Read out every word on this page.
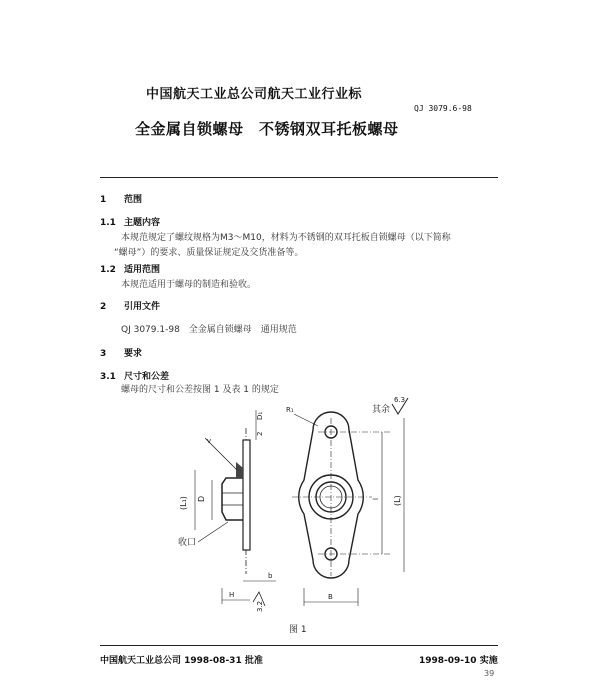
中国航天工业总公司航天工业行业标
QJ 3079.6-98
全金属自锁螺母　不锈钢双耳托板螺母
1 范围
1.1 主题内容
本规范规定了螺纹规格为M3～M10，材料为不锈钢的双耳托板自锁螺母（以下简称
“螺母”）的要求、质量保证规定及交货准备等。
1.2 适用范围
本规范适用于螺母的制造和验收。
2 引用文件
QJ 3079.1-98　全金属自锁螺母　通用规范
3 要求
3.1 尺寸和公差
螺母的尺寸和公差按图 1 及表 1 的规定
其余
6.3
v
D₁
2
(L₁) D
收口
b
H
3.2
R₁
l (L)
B
图 1
中国航天工业总公司 1998-08-31 批准	1998-09-10 实施
39
